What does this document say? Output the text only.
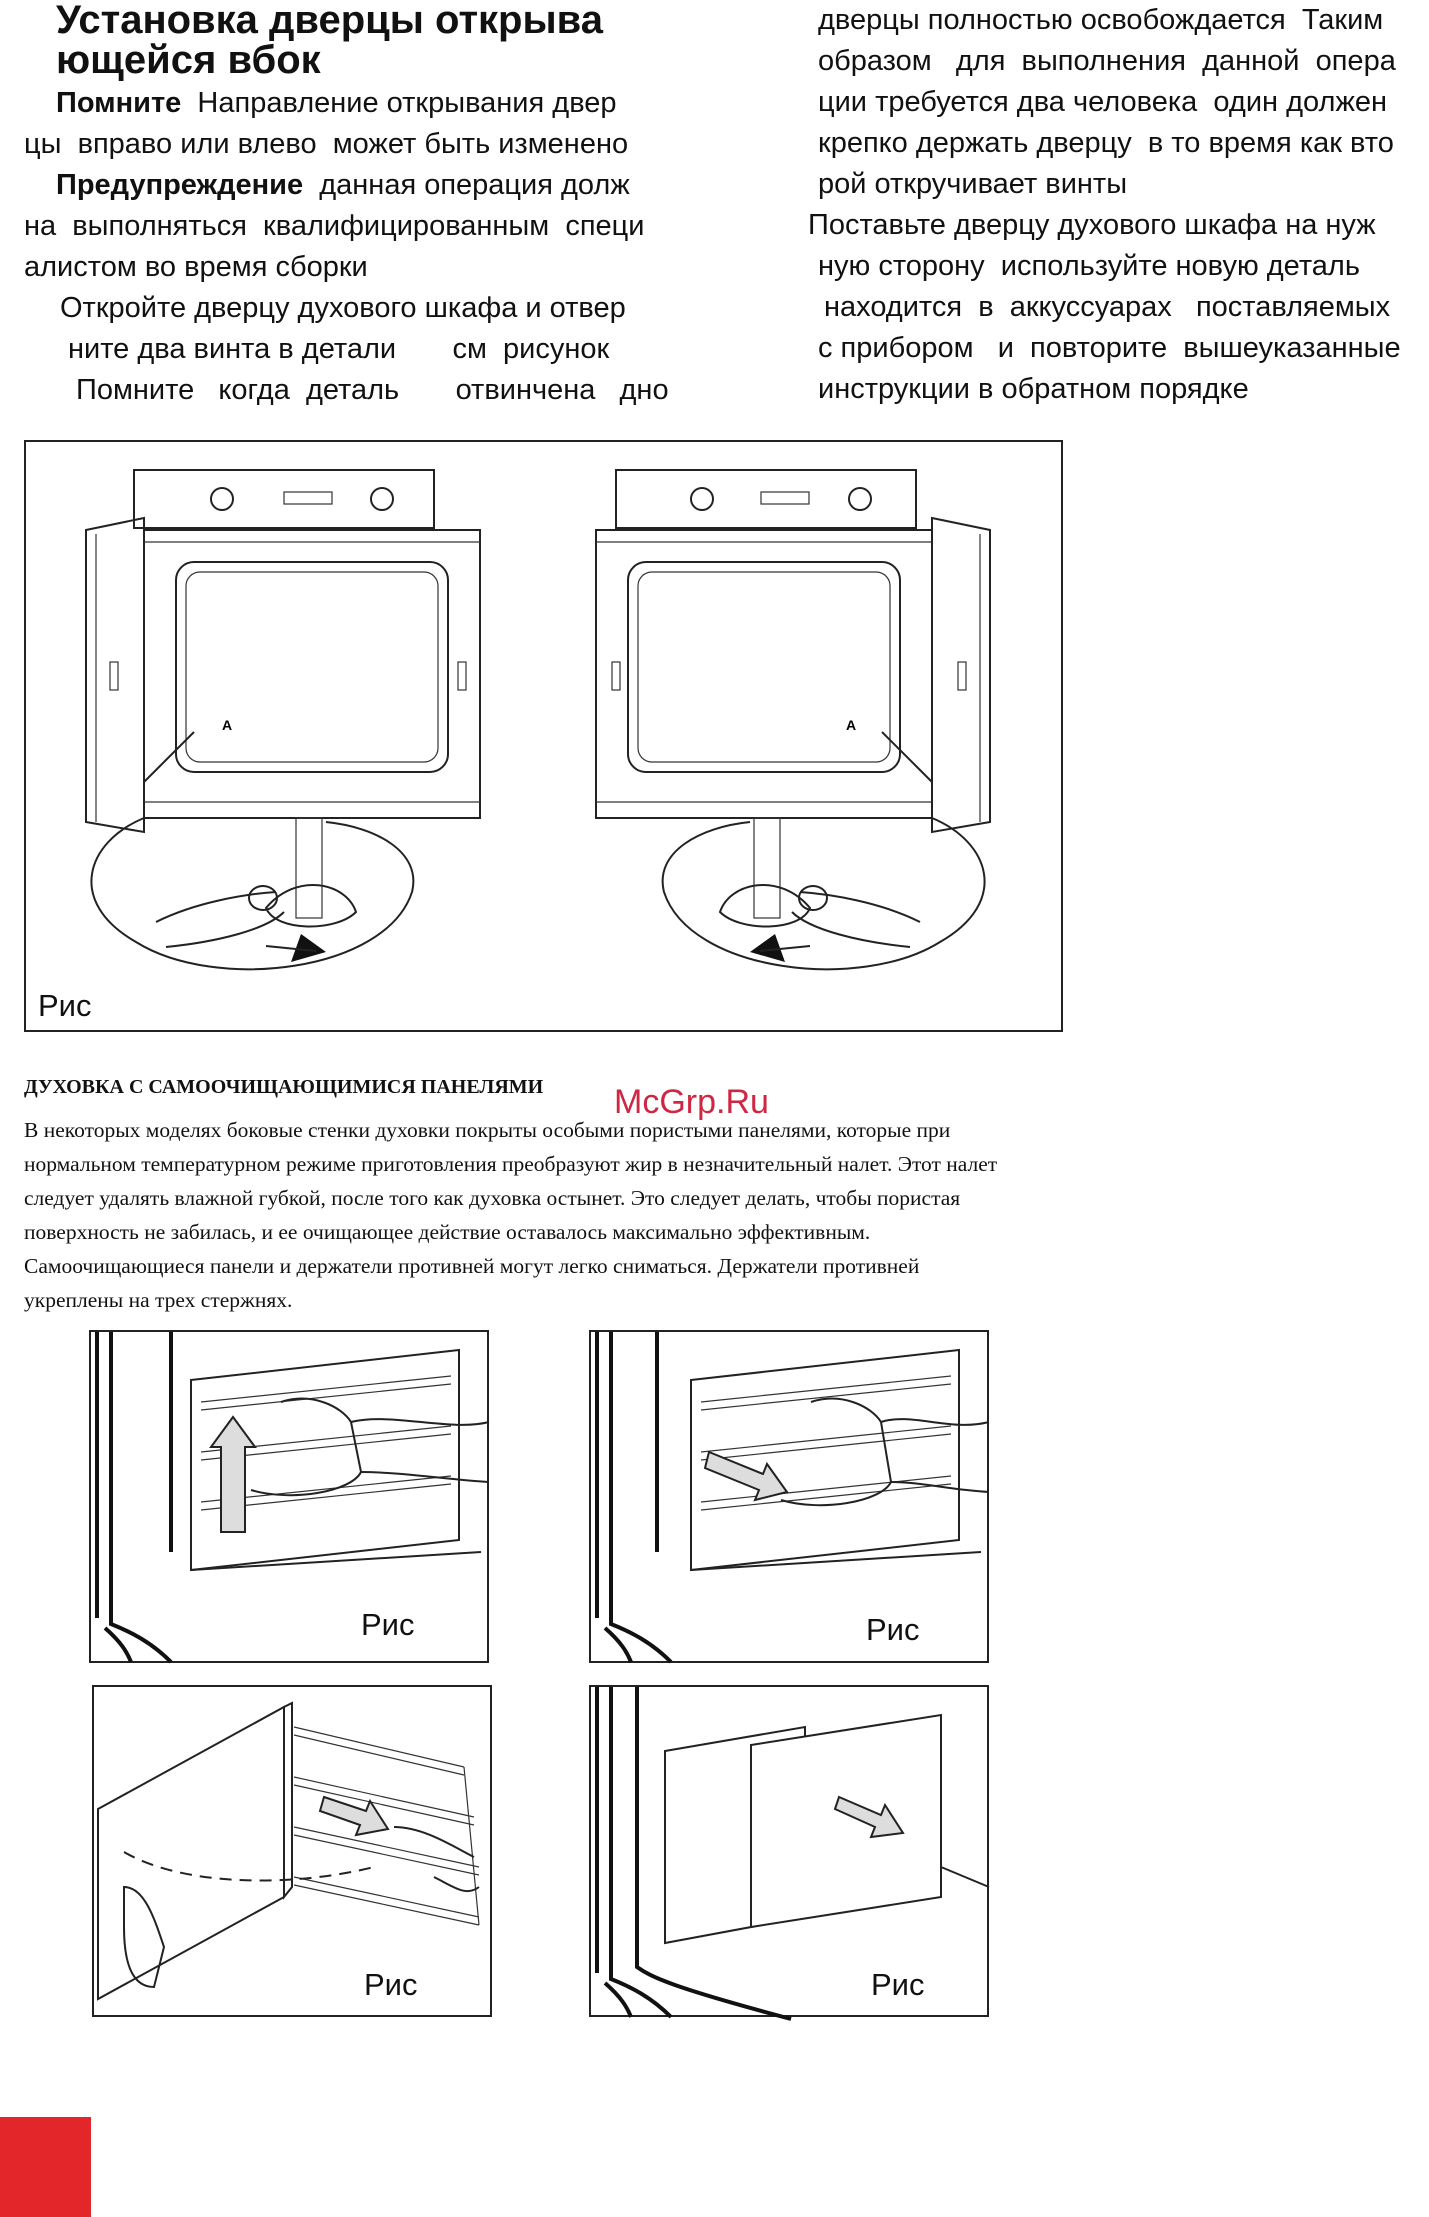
Установка дверцы открыва
ющейся вбок
Помните  Направление открывания двер
цы  вправо или влево  может быть изменено
Предупреждение  данная операция долж
на  выполняться  квалифицированным  специ
алистом во время сборки
Откройте дверцу духового шкафа и отвер
ните два винта в детали       см  рисунок
Помните   когда  деталь       отвинчена   дно
дверцы полностью освобождается  Таким
образом   для  выполнения  данной  опера
ции требуется два человека  один должен
крепко держать дверцу  в то время как вто
рой откручивает винты
Поставьте дверцу духового шкафа на нуж
ную сторону  используйте новую деталь
находится  в  аккуссуарах   поставляемых
с прибором   и  повторите  вышеуказанные
инструкции в обратном порядке
A	A
Рис
ДУХОВКА С САМООЧИЩАЮЩИМИСЯ ПАНЕЛЯМИ McGrp.Ru
В некоторых моделях боковые стенки духовки покрыты особыми пористыми панелями, которые при
нормальном температурном режиме приготовления преобразуют жир в незначительный налет. Этот налет
следует удалять влажной губкой, после того как духовка остынет. Это следует делать, чтобы пористая
поверхность не забилась, и ее очищающее действие оставалось максимально эффективным.
Самоочищающиеся панели и держатели противней могут легко сниматься. Держатели противней
укреплены на трех стержнях.
Рис	Рис
Рис	Рис
